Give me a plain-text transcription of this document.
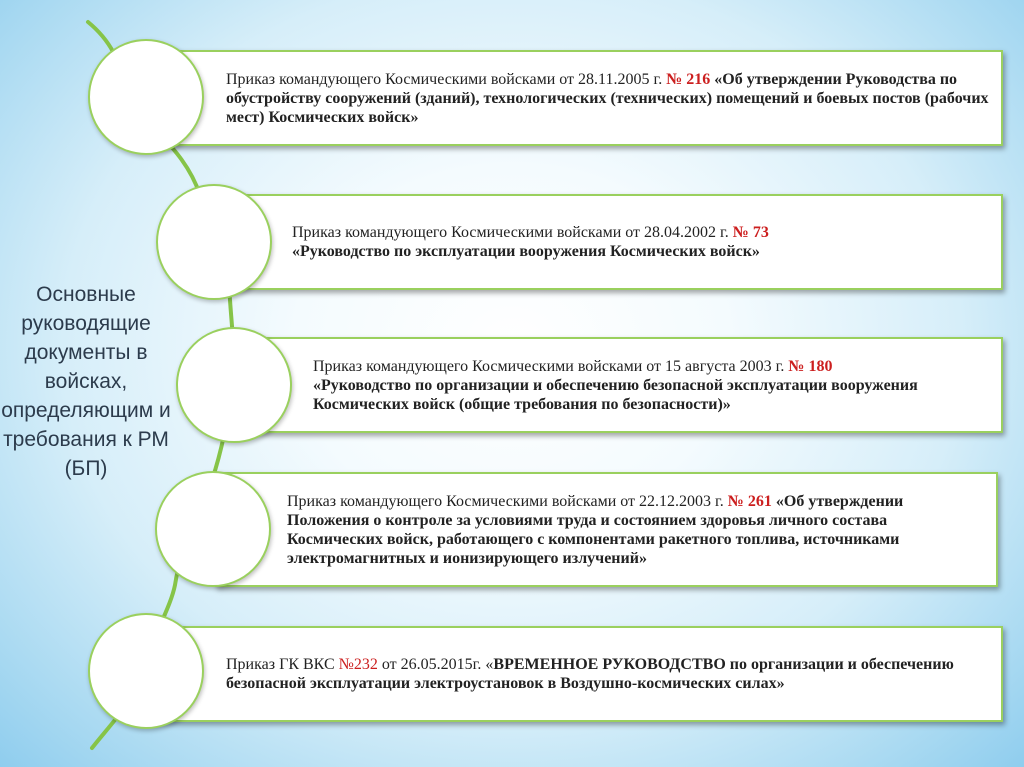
Основные руководящие документы в войсках, определяющим и требования к РМ (БП)

Приказ командующего Космическими войсками от 28.11.2005 г. № 216 «Об утверждении Руководства по обустройству сооружений (зданий), технологических (технических) помещений и боевых постов (рабочих мест) Космических войск»

Приказ командующего Космическими войсками от 28.04.2002 г. № 73
«Руководство по эксплуатации вооружения Космических войск»

Приказ командующего Космическими войсками от 15 августа 2003 г. № 180
«Руководство по организации и обеспечению безопасной эксплуатации вооружения Космических войск (общие требования по безопасности)»

Приказ командующего Космическими войсками от 22.12.2003 г. № 261 «Об утверждении Положения о контроле за условиями труда и состоянием здоровья личного состава Космических войск, работающего с компонентами ракетного топлива, источниками электромагнитных и ионизирующего излучений»

Приказ ГК ВКС №232 от 26.05.2015г. «ВРЕМЕННОЕ РУКОВОДСТВО по организации и обеспечению безопасной эксплуатации электроустановок в Воздушно-космических силах»
